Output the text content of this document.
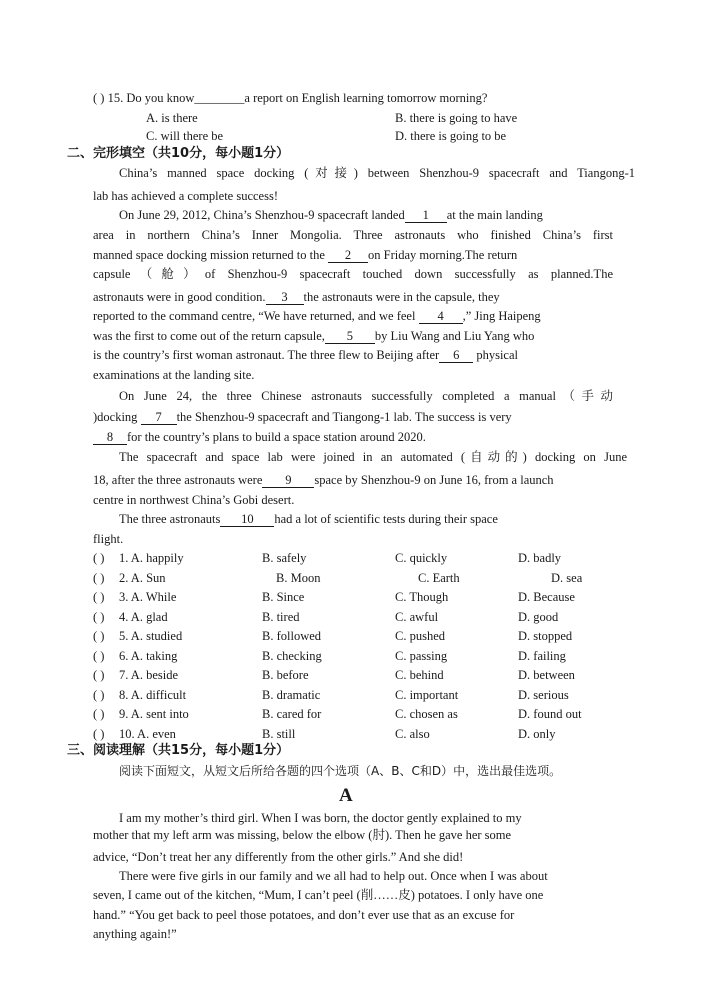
( ) 15. Do you know________a report on English learning tomorrow morning?
A. is there	B. there is going to have
C. will there be	D. there is going to be
二、完形填空（共10分，每小题1分）
China’s manned space docking (对接) between Shenzhou-9 spacecraft and Tiangong-1
lab has achieved a complete success!
On June 29, 2012, China’s Shenzhou-9 spacecraft landed 1 at the main landing
area in northern China’s Inner Mongolia. Three astronauts who finished China’s first
manned space docking mission returned to the 2 on Friday morning.The return
capsule（舱）of Shenzhou-9 spacecraft touched down successfully as planned.The
astronauts were in good condition. 3 the astronauts were in the capsule, they
reported to the command centre, “We have returned, and we feel 4 ,” Jing Haipeng
was the first to come out of the return capsule, 5 by Liu Wang and Liu Yang who
is the country’s first woman astronaut. The three flew to Beijing after 6 physical
examinations at the landing site.
On June 24, the three Chinese astronauts successfully completed a manual（手动
)docking 7 the Shenzhou-9 spacecraft and Tiangong-1 lab. The success is very
8 for the country’s plans to build a space station around 2020.
The spacecraft and space lab were joined in an automated (自动的) docking on June
18, after the three astronauts were 9 space by Shenzhou-9 on June 16, from a launch
centre in northwest China’s Gobi desert.
The three astronauts 10 had a lot of scientific tests during their space
flight.
( ) 1. A. happily	B. safely	C. quickly	D. badly
( ) 2. A. Sun	B. Moon	C. Earth	D. sea
( ) 3. A. While	B. Since	C. Though	D. Because
( ) 4. A. glad	B. tired	C. awful	D. good
( ) 5. A. studied	B. followed	C. pushed	D. stopped
( ) 6. A. taking	B. checking	C. passing	D. failing
( ) 7. A. beside	B. before	C. behind	D. between
( ) 8. A. difficult	B. dramatic	C. important	D. serious
( ) 9. A. sent into	B. cared for	C. chosen as	D. found out
( ) 10. A. even	B. still	C. also	D. only
三、阅读理解（共15分，每小题1分）
阅读下面短文，从短文后所给各题的四个选项（A、B、C和D）中，选出最佳选项。
A
I am my mother’s third girl. When I was born, the doctor gently explained to my
mother that my left arm was missing, below the elbow (肘). Then he gave her some
advice, “Don’t treat her any differently from the other girls.” And she did!
There were five girls in our family and we all had to help out. Once when I was about
seven, I came out of the kitchen, “Mum, I can’t peel (削……皮) potatoes. I only have one
hand.” “You get back to peel those potatoes, and don’t ever use that as an excuse for
anything again!”
